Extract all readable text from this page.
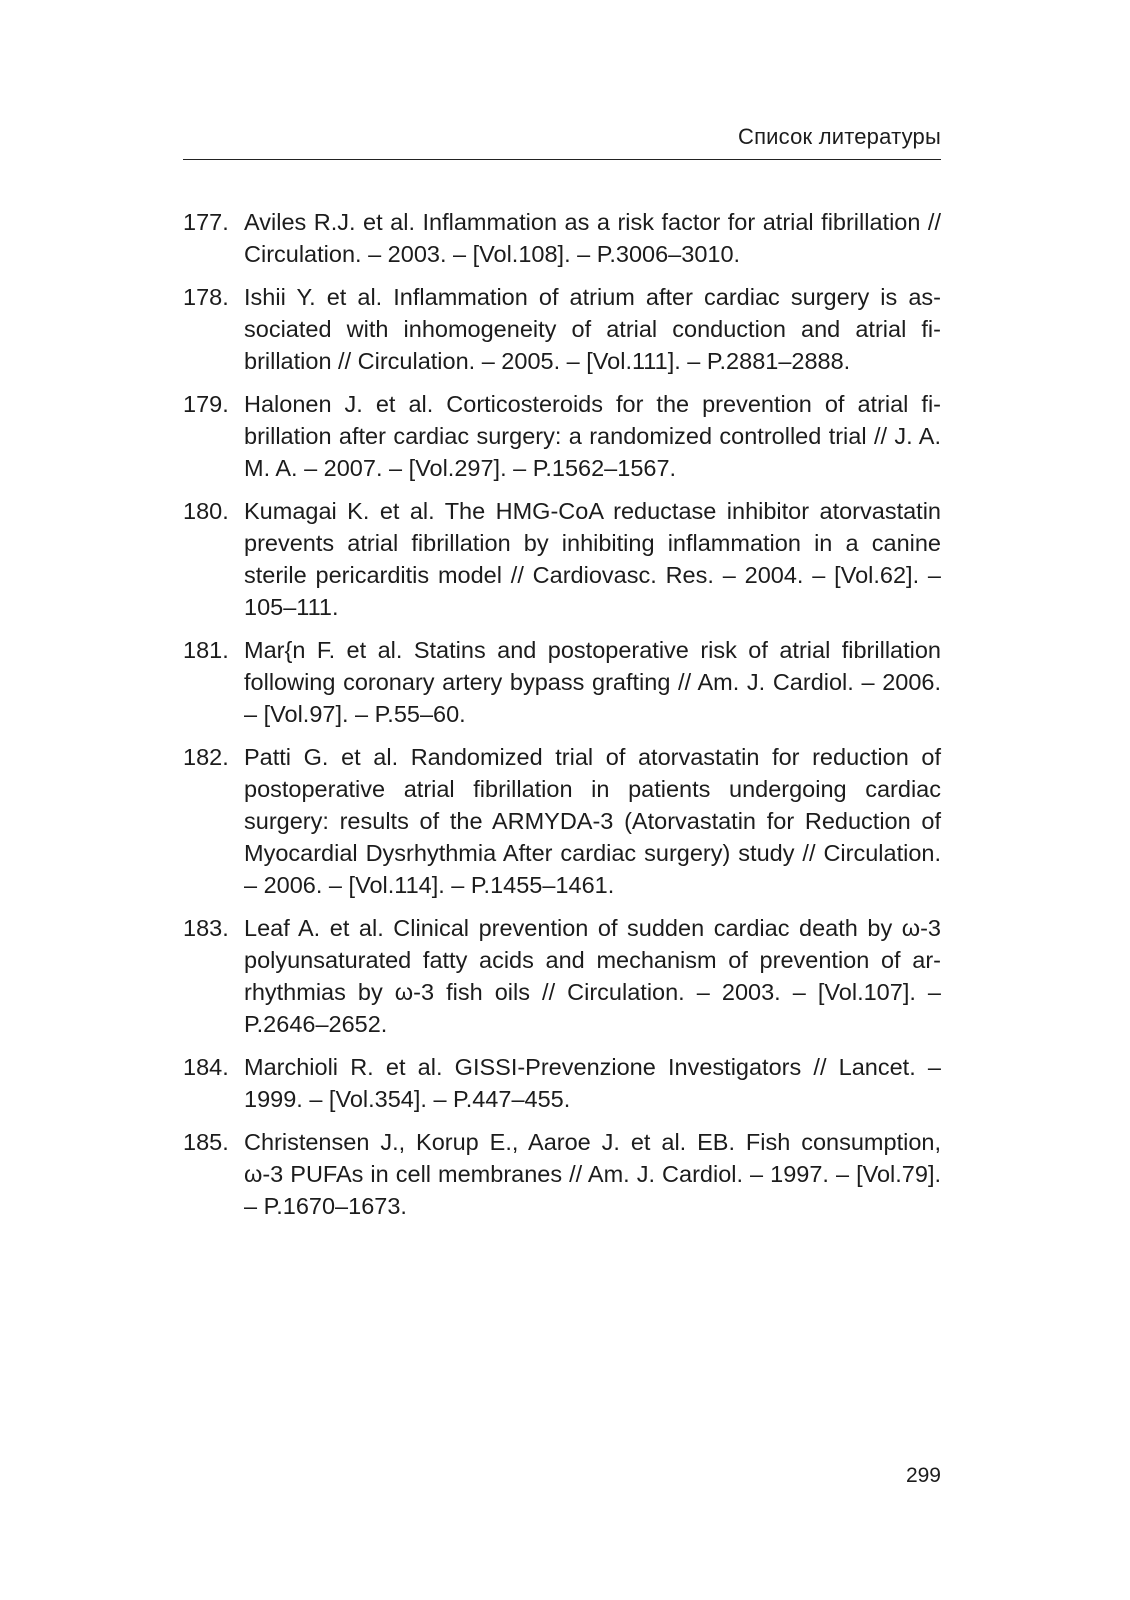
Список литературы
177. Aviles R.J. et al. Inflammation as a risk factor for atrial fibrillation // Circulation. – 2003. – [Vol.108]. – P.3006–3010.
178. Ishii Y. et al. Inflammation of atrium after cardiac surgery is associated with inhomogeneity of atrial conduction and atrial fibrillation // Circulation. – 2005. – [Vol.111]. – P.2881–2888.
179. Halonen J. et al. Corticosteroids for the prevention of atrial fibrillation after cardiac surgery: a randomized controlled trial // J. A. M. A. – 2007. – [Vol.297]. – P.1562–1567.
180. Kumagai K. et al. The HMG-CoA reductase inhibitor atorvastatin prevents atrial fibrillation by inhibiting inflammation in a canine sterile pericarditis model // Cardiovasc. Res. – 2004. – [Vol.62]. – 105–111.
181. Mar{n F. et al. Statins and postoperative risk of atrial fibrillation following coronary artery bypass grafting // Am. J. Cardiol. – 2006. – [Vol.97]. – P.55–60.
182. Patti G. et al. Randomized trial of atorvastatin for reduction of postoperative atrial fibrillation in patients undergoing cardiac surgery: results of the ARMYDA-3 (Atorvastatin for Reduction of Myocardial Dysrhythmia After cardiac surgery) study // Circulation. – 2006. – [Vol.114]. – P.1455–1461.
183. Leaf A. et al. Clinical prevention of sudden cardiac death by ω-3 polyunsaturated fatty acids and mechanism of prevention of arrhythmias by ω-3 fish oils // Circulation. – 2003. – [Vol.107]. – P.2646–2652.
184. Marchioli R. et al. GISSI-Prevenzione Investigators // Lancet. – 1999. – [Vol.354]. – P.447–455.
185. Christensen J., Korup E., Aaroe J. et al. EB. Fish consumption, ω-3 PUFAs in cell membranes // Am. J. Cardiol. – 1997. – [Vol.79]. – P.1670–1673.
299
